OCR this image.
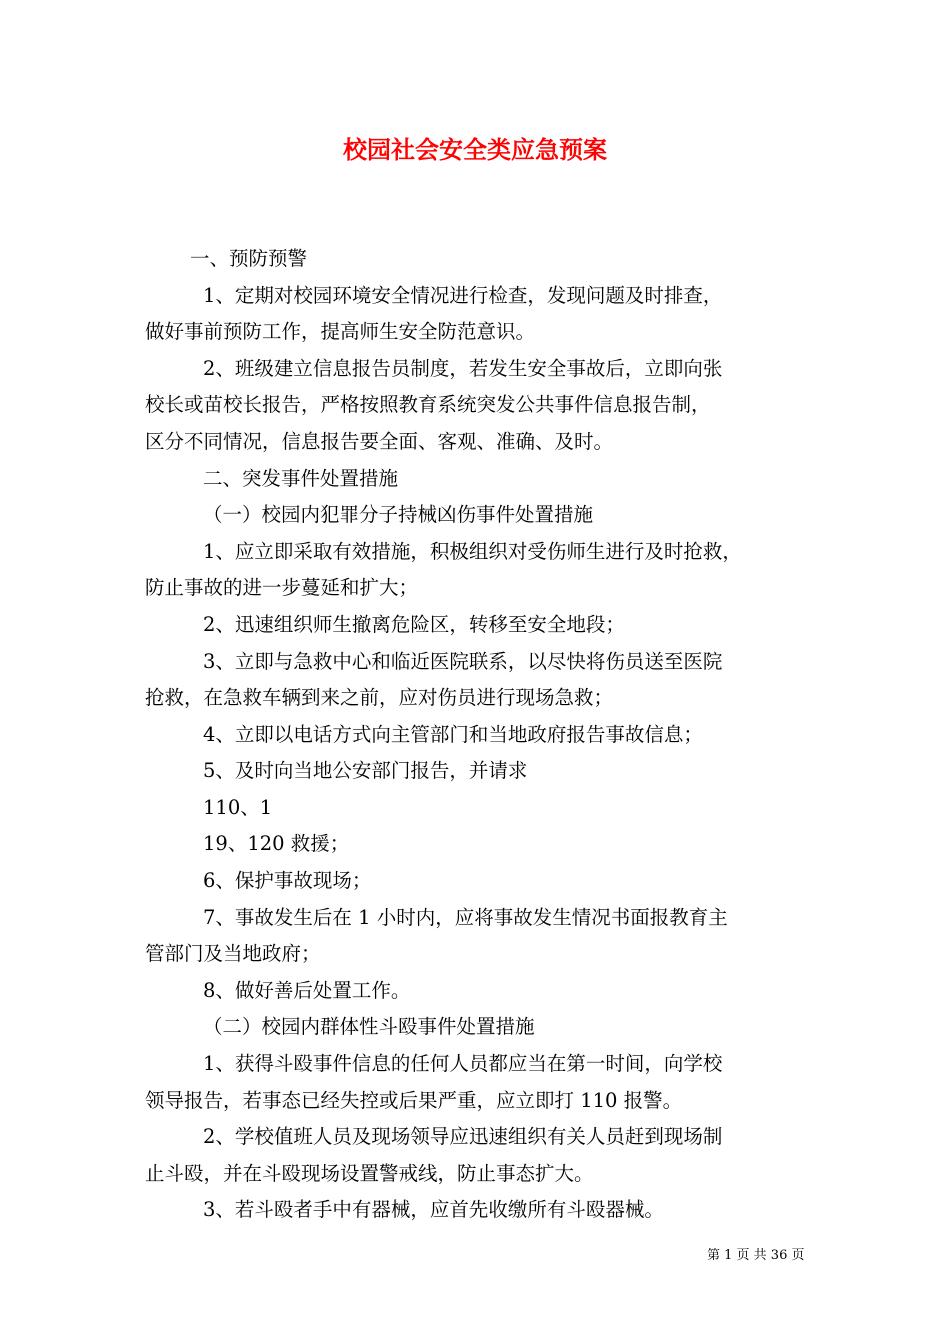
校园社会安全类应急预案
一、预防预警
1、定期对校园环境安全情况进行检查，发现问题及时排查，
做好事前预防工作，提高师生安全防范意识。
2、班级建立信息报告员制度，若发生安全事故后，立即向张
校长或苗校长报告，严格按照教育系统突发公共事件信息报告制，
区分不同情况，信息报告要全面、客观、准确、及时。
二、突发事件处置措施
（一）校园内犯罪分子持械凶伤事件处置措施
1、应立即采取有效措施，积极组织对受伤师生进行及时抢救，
防止事故的进一步蔓延和扩大；
2、迅速组织师生撤离危险区，转移至安全地段；
3、立即与急救中心和临近医院联系，以尽快将伤员送至医院
抢救，在急救车辆到来之前，应对伤员进行现场急救；
4、立即以电话方式向主管部门和当地政府报告事故信息；
5、及时向当地公安部门报告，并请求
110、1
19、120 救援；
6、保护事故现场；
7、事故发生后在 1 小时内，应将事故发生情况书面报教育主
管部门及当地政府；
8、做好善后处置工作。
（二）校园内群体性斗殴事件处置措施
1、获得斗殴事件信息的任何人员都应当在第一时间，向学校
领导报告，若事态已经失控或后果严重，应立即打 110 报警。
2、学校值班人员及现场领导应迅速组织有关人员赶到现场制
止斗殴，并在斗殴现场设置警戒线，防止事态扩大。
3、若斗殴者手中有器械，应首先收缴所有斗殴器械。
第 1 页 共 36 页
